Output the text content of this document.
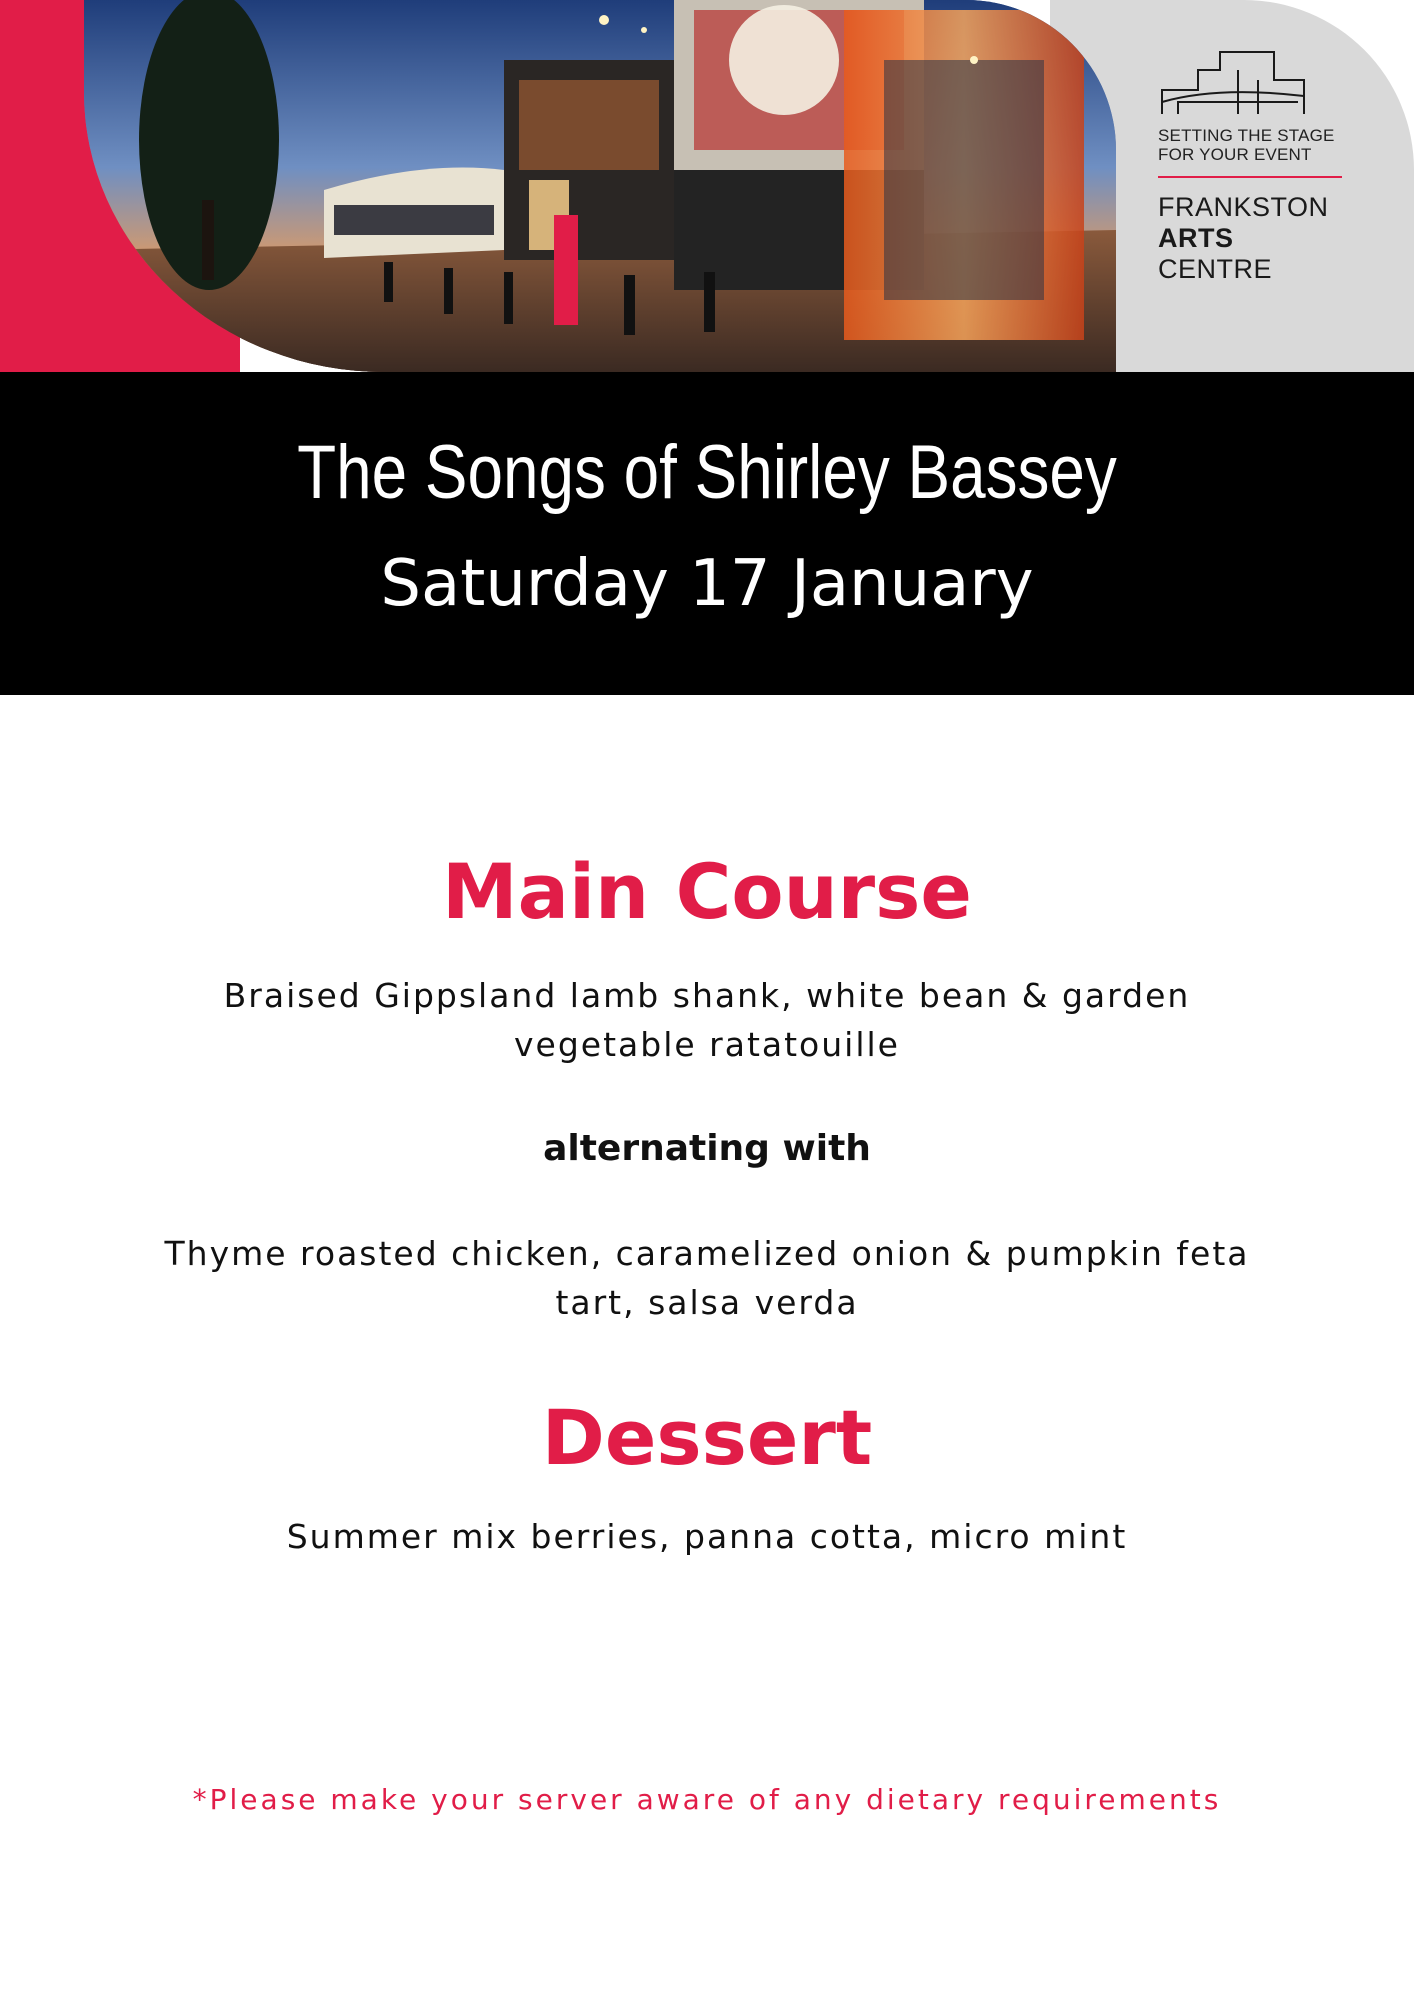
SETTING THE STAGE
FOR YOUR EVENT
FRANKSTON
ARTS
CENTRE
The Songs of Shirley Bassey
Saturday 17 January
Main Course
Braised Gippsland lamb shank, white bean & garden
vegetable ratatouille
alternating with
Thyme roasted chicken, caramelized onion & pumpkin feta
tart, salsa verda
Dessert
Summer mix berries, panna cotta, micro mint
*Please make your server aware of any dietary requirements
